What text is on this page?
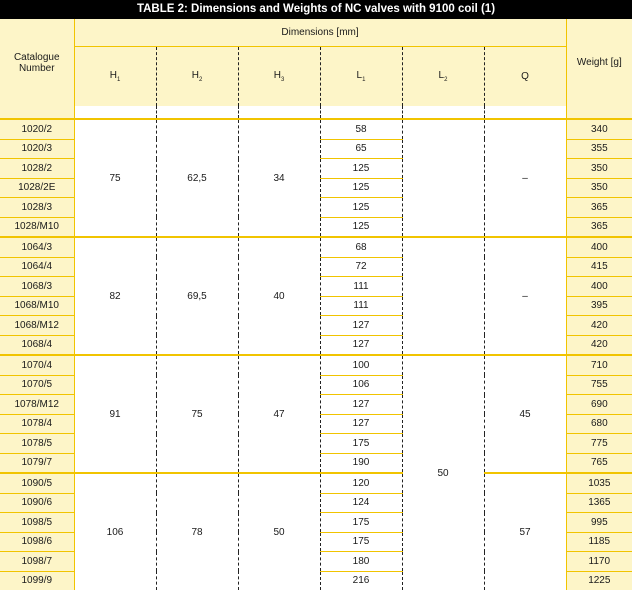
TABLE 2: Dimensions and Weights of NC valves with 9100 coil (1)
Catalogue Number	Dimensions [mm]						Weight [g]
	$H_1$	$H_2$	$H_3$	$L_1$	$L_2$	Q	

1020/2	75	62,5	34	58		–	340
1020/3				65			355
1028/2				125			350
1028/2E				125			350
1028/3				125			365
1028/M10				125			365
1064/3	82	69,5	40	68		–	400
1064/4				72			415
1068/3				111			400
1068/M10				111			395
1068/M12				127			420
1068/4				127			420
1070/4	91	75	47	100	50	45	710
1070/5				106			755
1078/M12				127			690
1078/4				127			680
1078/5				175			775
1079/7				190			765
1090/5	106	78	50	120		57	1035
1090/6				124			1365
1098/5				175			995
1098/6				175			1185
1098/7				180			1170
1099/9				216			1225
